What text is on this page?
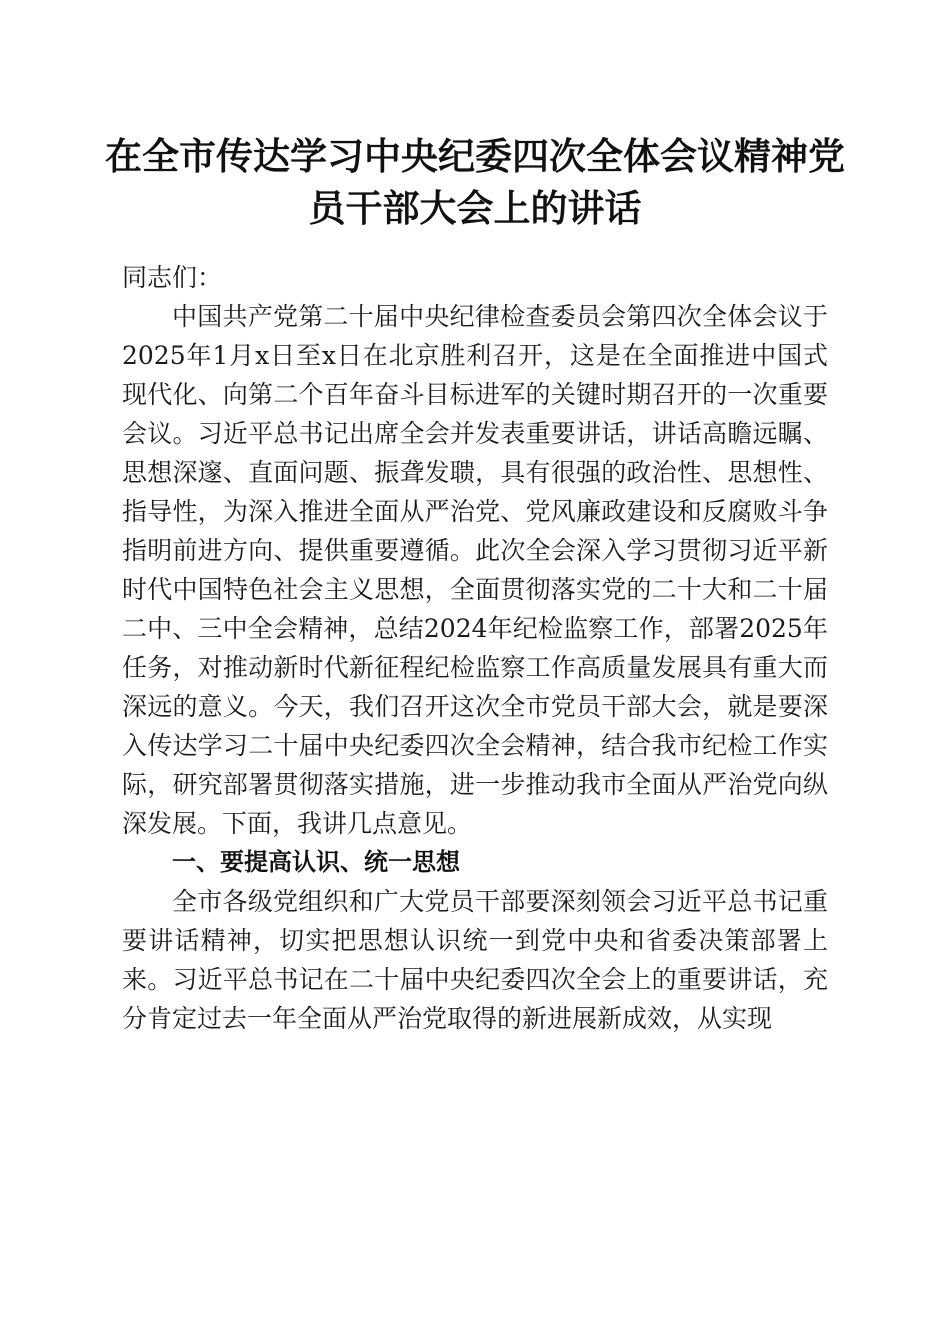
在全市传达学习中央纪委四次全体会议精神党
员干部大会上的讲话

同志们：

中国共产党第二十届中央纪律检查委员会第四次全体会议于2025年1月x日至x日在北京胜利召开，这是在全面推进中国式现代化、向第二个百年奋斗目标进军的关键时期召开的一次重要会议。习近平总书记出席全会并发表重要讲话，讲话高瞻远瞩、思想深邃、直面问题、振聋发聩，具有很强的政治性、思想性、指导性，为深入推进全面从严治党、党风廉政建设和反腐败斗争指明前进方向、提供重要遵循。此次全会深入学习贯彻习近平新时代中国特色社会主义思想，全面贯彻落实党的二十大和二十届二中、三中全会精神，总结2024年纪检监察工作，部署2025年任务，对推动新时代新征程纪检监察工作高质量发展具有重大而深远的意义。今天，我们召开这次全市党员干部大会，就是要深入传达学习二十届中央纪委四次全会精神，结合我市纪检工作实际，研究部署贯彻落实措施，进一步推动我市全面从严治党向纵深发展。下面，我讲几点意见。

一、要提高认识、统一思想

全市各级党组织和广大党员干部要深刻领会习近平总书记重要讲话精神，切实把思想认识统一到党中央和省委决策部署上来。习近平总书记在二十届中央纪委四次全会上的重要讲话，充分肯定过去一年全面从严治党取得的新进展新成效，从实现
